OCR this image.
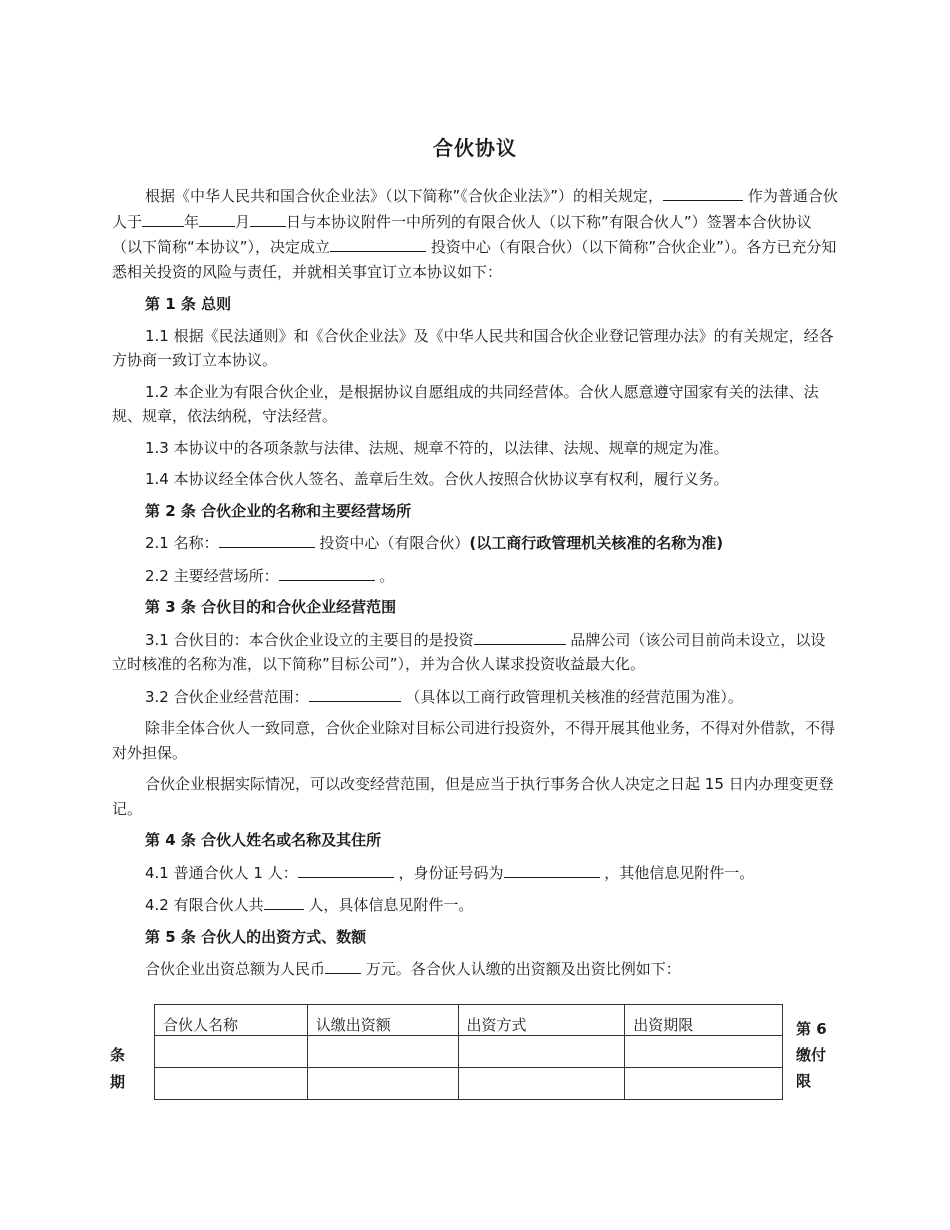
合伙协议

根据《中华人民共和国合伙企业法》（以下简称”《合伙企业法》”）的相关规定，	作为普通合伙人于	年 月 日与本协议附件一中所列的有限合伙人（以下称”有限合伙人”）签署本合伙协议（以下简称“本协议”），决定成立	投资中心（有限合伙）（以下简称”合伙企业”）。各方已充分知悉相关投资的风险与责任，并就相关事宜订立本协议如下：

第 1 条 总则

1.1 根据《民法通则》和《合伙企业法》及《中华人民共和国合伙企业登记管理办法》的有关规定，经各方协商一致订立本协议。

1.2 本企业为有限合伙企业，是根据协议自愿组成的共同经营体。合伙人愿意遵守国家有关的法律、法规、规章，依法纳税，守法经营。

1.3 本协议中的各项条款与法律、法规、规章不符的，以法律、法规、规章的规定为准。

1.4 本协议经全体合伙人签名、盖章后生效。合伙人按照合伙协议享有权利，履行义务。

第 2 条 合伙企业的名称和主要经营场所

2.1 名称：	投资中心（有限合伙）(以工商行政管理机关核准的名称为准)

2.2 主要经营场所：	。

第 3 条 合伙目的和合伙企业经营范围

3.1 合伙目的：本合伙企业设立的主要目的是投资	品牌公司（该公司目前尚未设立，以设立时核准的名称为准，以下简称”目标公司”），并为合伙人谋求投资收益最大化。

3.2 合伙企业经营范围：	（具体以工商行政管理机关核准的经营范围为准）。

除非全体合伙人一致同意，合伙企业除对目标公司进行投资外，不得开展其他业务，不得对外借款，不得对外担保。

合伙企业根据实际情况，可以改变经营范围，但是应当于执行事务合伙人决定之日起 15 日内办理变更登记。

第 4 条 合伙人姓名或名称及其住所

4.1 普通合伙人 1 人：	，身份证号码为	，其他信息见附件一。

4.2 有限合伙人共	人，具体信息见附件一。

第 5 条 合伙人的出资方式、数额

合伙企业出资总额为人民币 万元。各合伙人认缴的出资额及出资比例如下：

合伙人名称	认缴出资额	出资方式	出资期限

条
期
第 6
缴付
限
